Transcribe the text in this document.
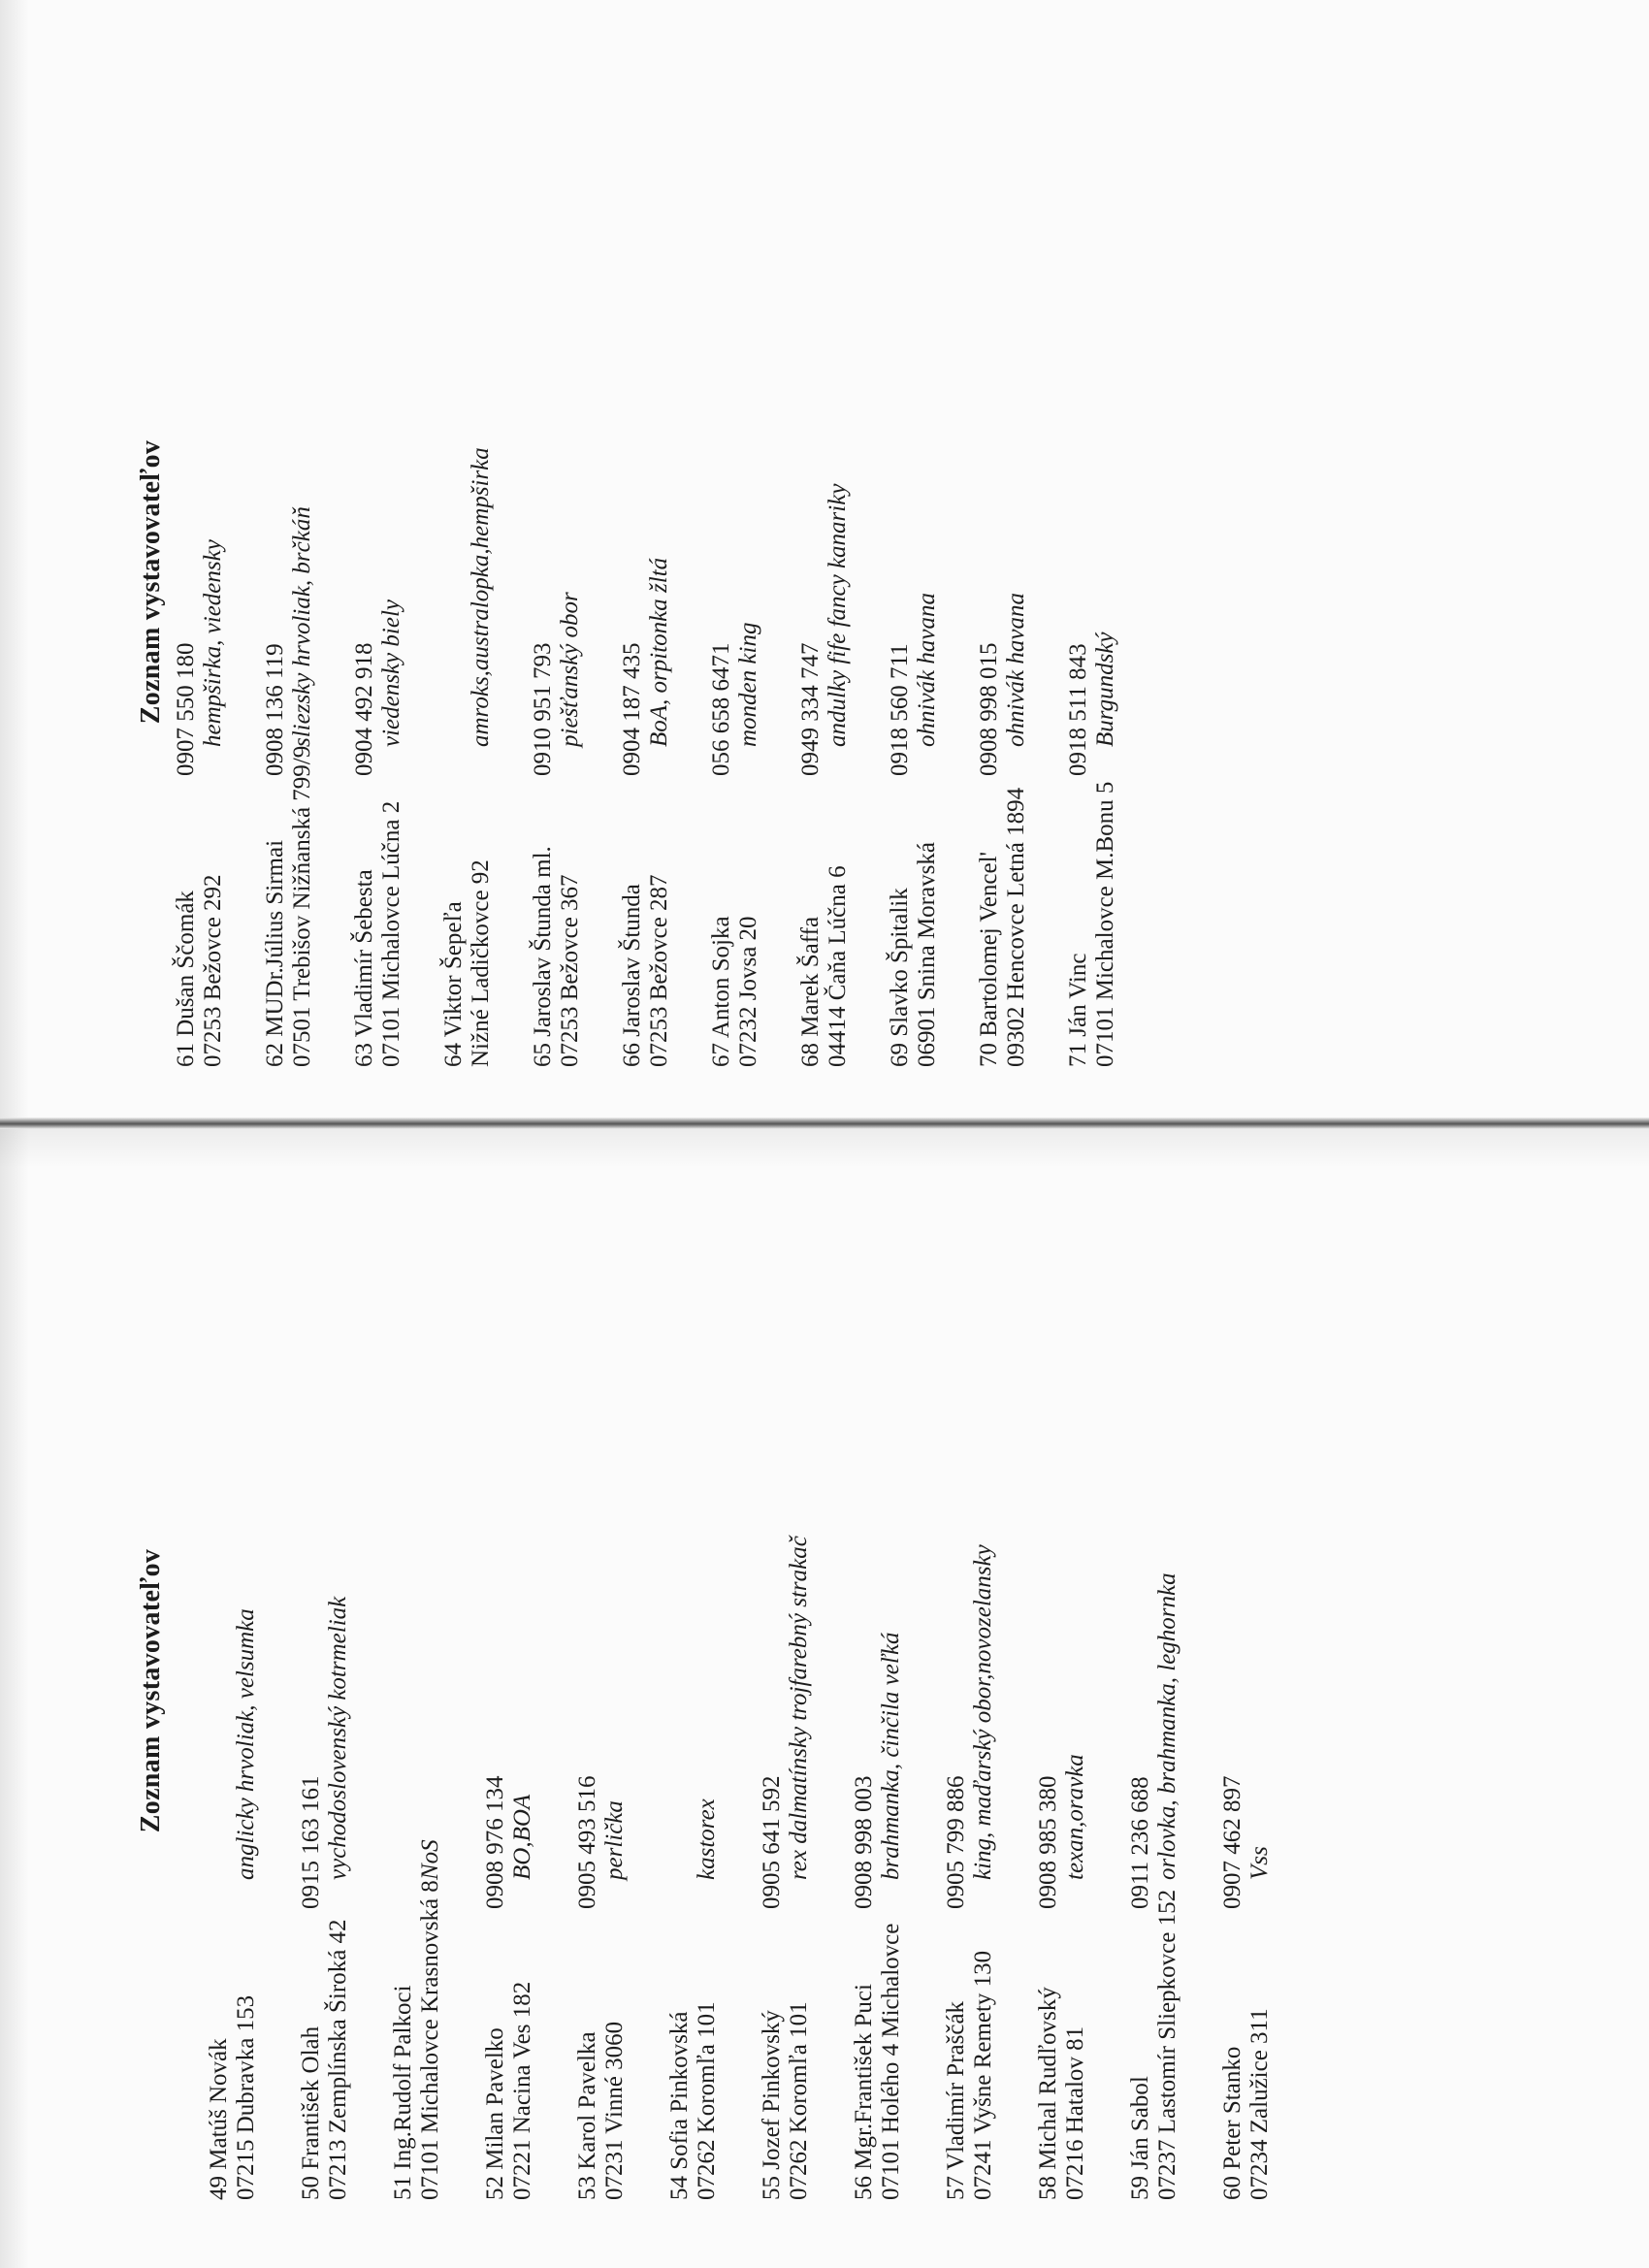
Zoznam vystavovateľov
49 Matúš Novák 07215 Dubravka 153
anglicky hrvoliak, velsumka
50 František Olah
0915 163 161
07213 Zemplínska Široká 42
vychodoslovenský kotrmeliak
51 Ing.Rudolf Palkoci 07101 Michalovce Krasnovská 8
NoS
52 Milan Pavelko
0908 976 134
07221 Nacina Ves 182
BO,BOA
53 Karol Pavelka
0905 493 516
07231 Vinné 3060
perlička
54 Sofia Pinkovská 07262 Koromľa 101
kastorex
55 Jozef Pinkovský
0905 641 592
07262 Koromľa 101
rex dalmatínsky trojfarebný strakač
56 Mgr.František Puci
0908 998 003
07101 Holého 4 Michalovce
brahmanka, činčila veľká
57 Vladimír Praščák
0905 799 886
07241 Vyšne Remety 130
king, maďarský obor,novozelansky
58 Michal Rudľovský
0908 985 380
07216 Hatalov 81
texan,oravka
59 Ján Sabol
0911 236 688
07237 Lastomír Sliepkovce 152
orlovka, brahmanka, leghornka
60 Peter Stanko
0907 462 897
07234 Zalužice 311
Vss
Zoznam vystavovateľov
61 Dušan Ščomák
0907 550 180
07253 Bežovce 292
hempširka, viedensky
62 MUDr.Július Sirmai
0908 136 119
07501 Trebišov Nižňanská 799/9
sliezsky hrvoliak, brčkáň
63 Vladimír Šebesta
0904 492 918
07101 Michalovce Lúčna 2
viedensky biely
64 Viktor Šepeľa Nižné Ladičkovce 92
amroks,australopka,hempširka
65 Jaroslav Štunda ml.
0910 951 793
07253 Bežovce 367
piešťanský obor
66 Jaroslav Štunda
0904 187 435
07253 Bežovce 287
BoA, orpitonka žltá
67 Anton Sojka
056 658 6471
07232 Jovsa 20
monden king
68 Marek Šaffa
0949 334 747
04414 Čaňa Lúčna 6
andulky fife fancy kanariky
69 Slavko Špitalik
0918 560 711
06901 Snina Moravská
ohnivák havana
70 Bartolomej Vencel'
0908 998 015
09302 Hencovce Letná 1894
ohnivák havana
71 Ján Vinc
0918 511 843
07101 Michalovce M.Bonu 5
Burgundský
